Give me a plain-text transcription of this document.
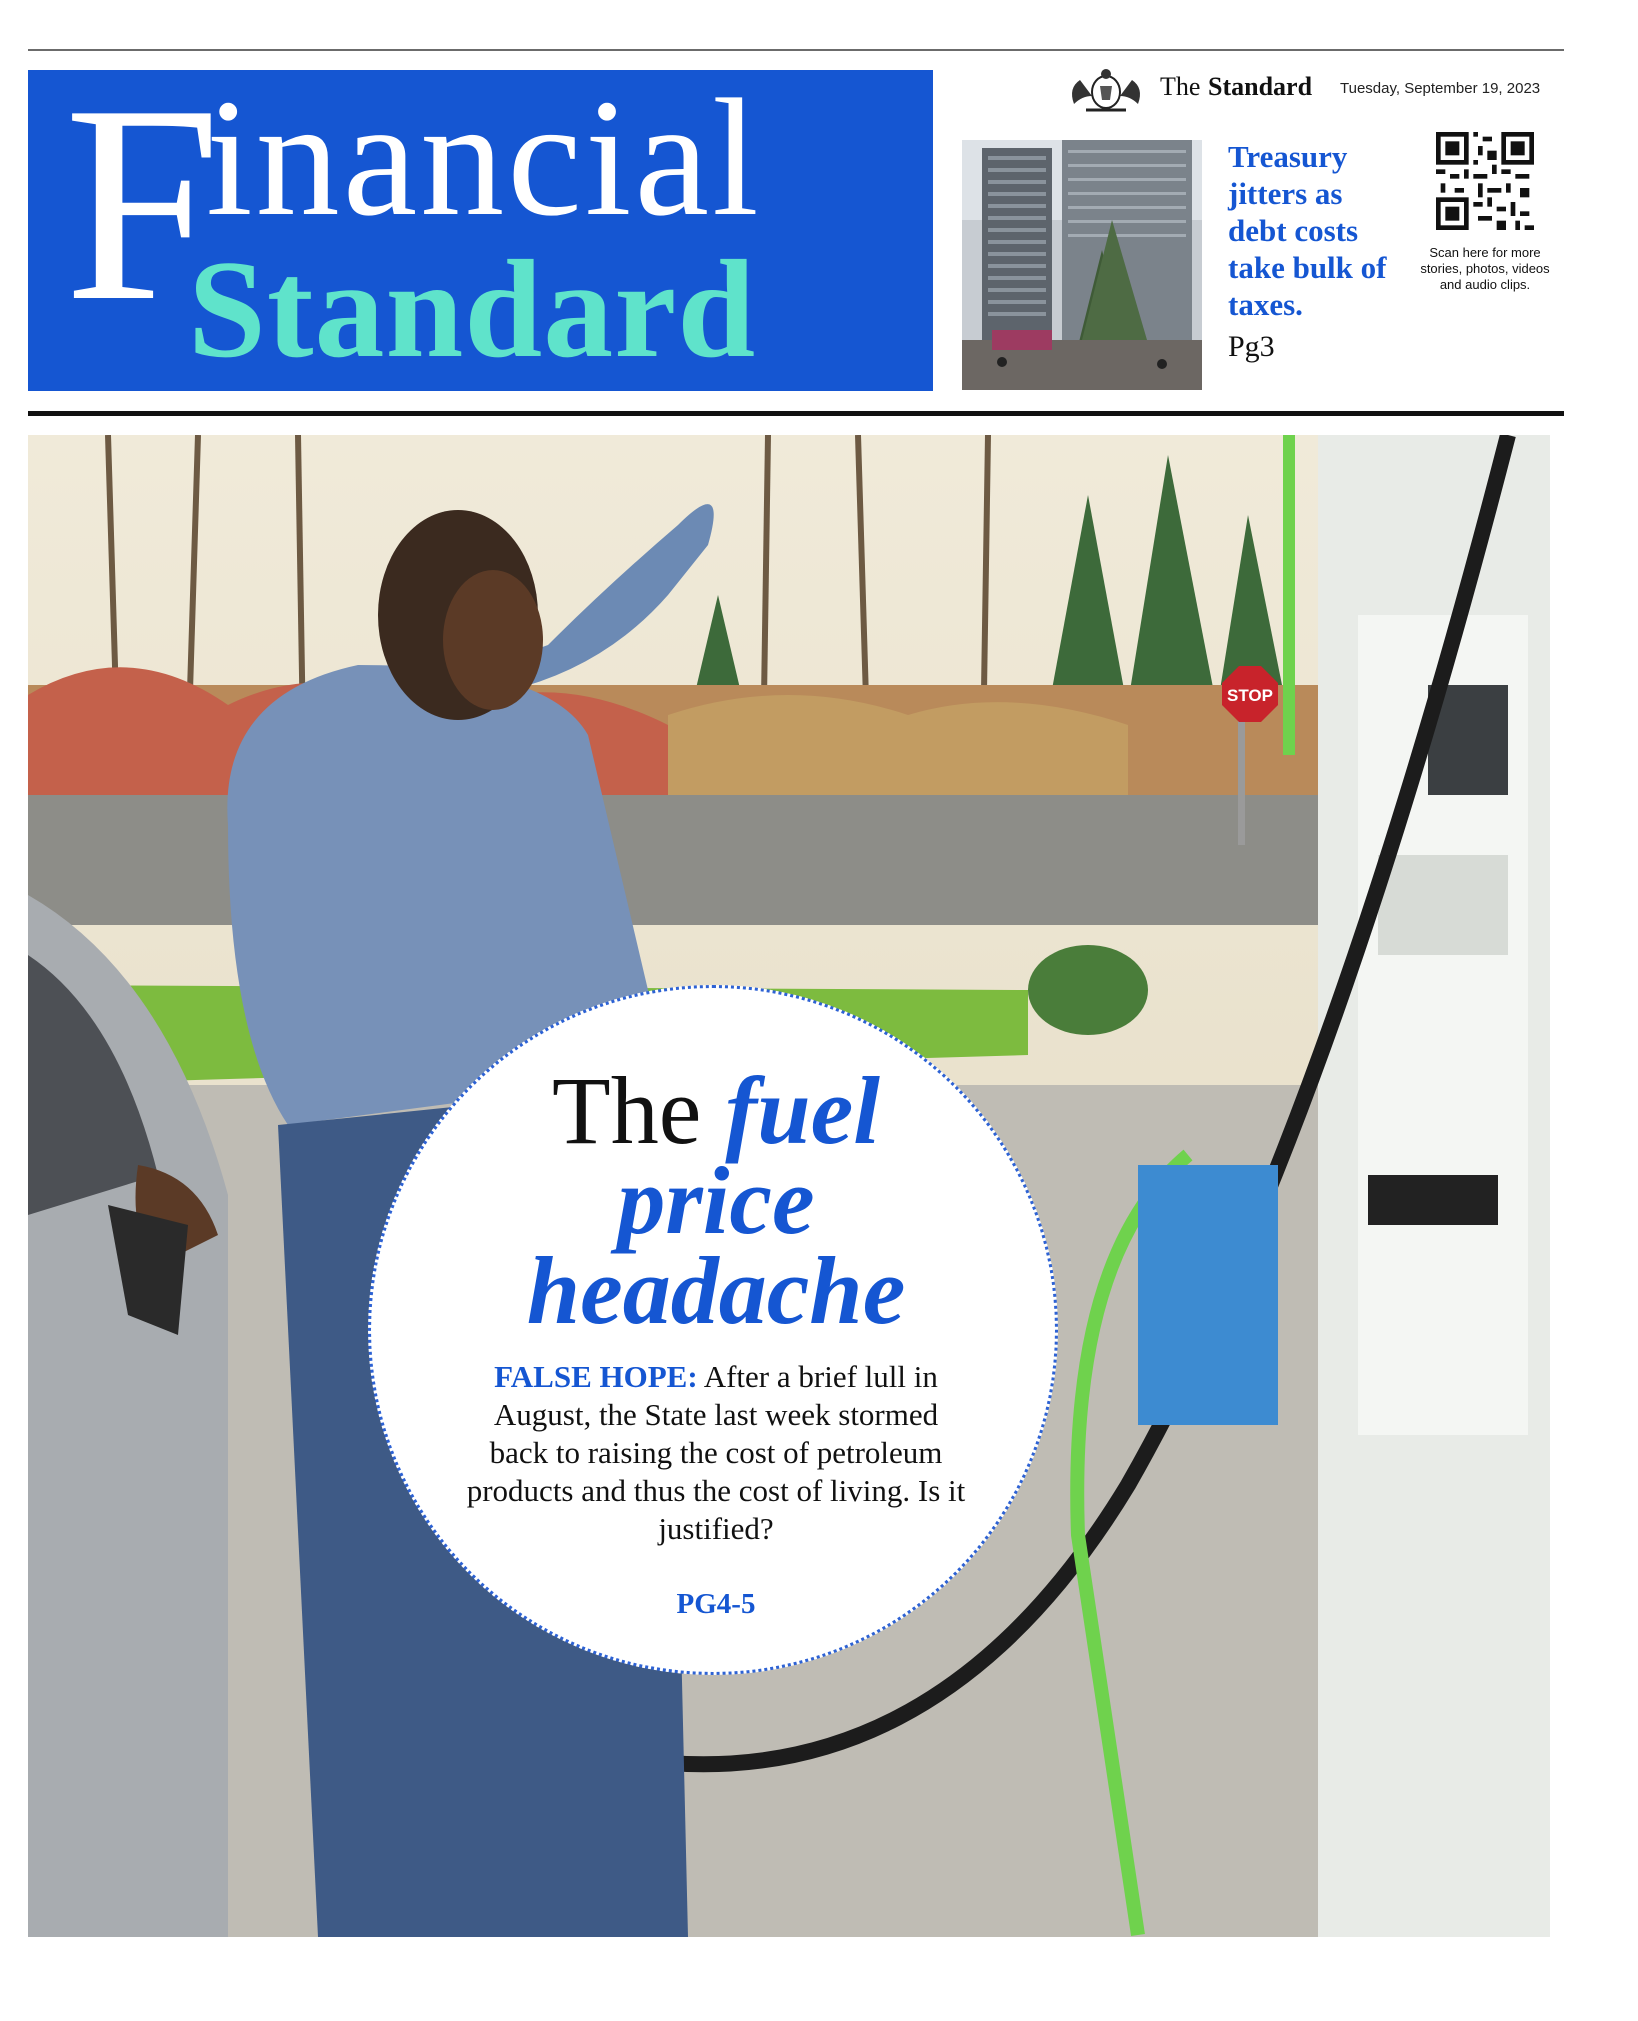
F
inancial
Standard
The Standard Tuesday, September 19, 2023
Treasury jitters as debt costs take bulk of taxes.
Pg3
Scan here for more stories, photos, videos and audio clips.
STOP
The fuel
price
headache
FALSE HOPE: After a brief lull in August, the State last week stormed back to raising the cost of petroleum products and thus the cost of living. Is it justified?
PG4-5
